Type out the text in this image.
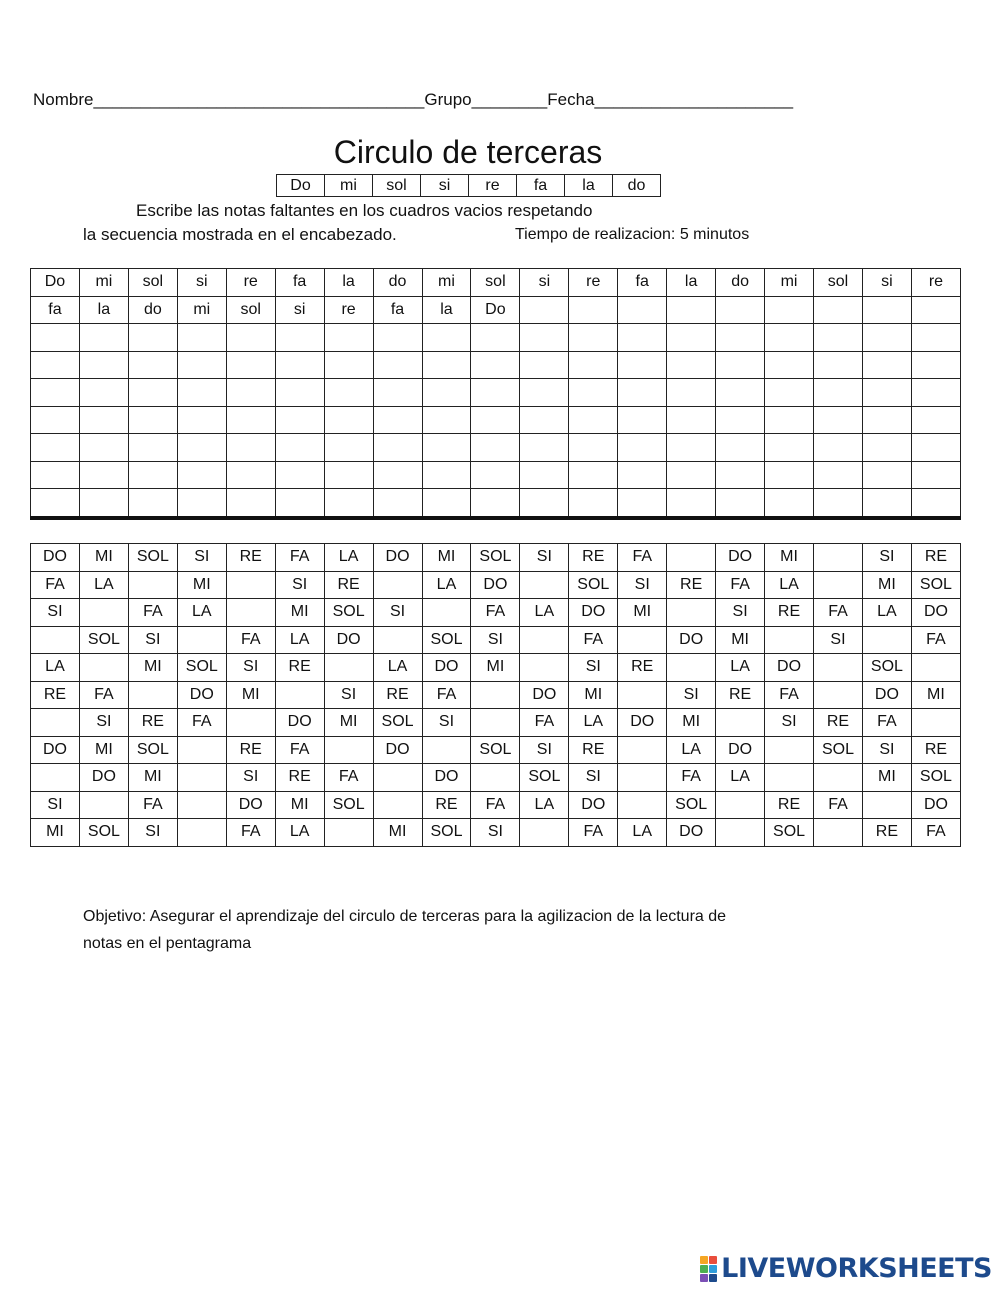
Nombre___________________________________Grupo________Fecha_____________________
Circulo de terceras
Do	mi	sol	si	re	fa	la	do
Escribe las notas faltantes en los cuadros vacios respetando
la secuencia mostrada en el encabezado.	Tiempo de realizacion: 5 minutos
Do	mi	sol	si	re	fa	la	do	mi	sol	si	re	fa	la	do	mi	sol	si	re
fa	la	do	mi	sol	si	re	fa	la	Do									

DO	MI	SOL	SI	RE	FA	LA	DO	MI	SOL	SI	RE	FA		DO	MI		SI	RE
FA	LA		MI		SI	RE		LA	DO		SOL	SI	RE	FA	LA		MI	SOL
SI		FA	LA		MI	SOL	SI		FA	LA	DO	MI		SI	RE	FA	LA	DO
	SOL	SI		FA	LA	DO		SOL	SI		FA		DO	MI		SI		FA
LA		MI	SOL	SI	RE		LA	DO	MI		SI	RE		LA	DO		SOL	
RE	FA		DO	MI		SI	RE	FA		DO	MI		SI	RE	FA		DO	MI
	SI	RE	FA		DO	MI	SOL	SI		FA	LA	DO	MI		SI	RE	FA	
DO	MI	SOL		RE	FA		DO		SOL	SI	RE		LA	DO		SOL	SI	RE
	DO	MI		SI	RE	FA		DO		SOL	SI		FA	LA			MI	SOL
SI		FA		DO	MI	SOL		RE	FA	LA	DO		SOL		RE	FA		DO
MI	SOL	SI		FA	LA		MI	SOL	SI		FA	LA	DO		SOL		RE	FA
Objetivo: Asegurar el aprendizaje del circulo de terceras para la agilizacion de la lectura de
notas en el pentagrama
LIVEWORKSHEETS
